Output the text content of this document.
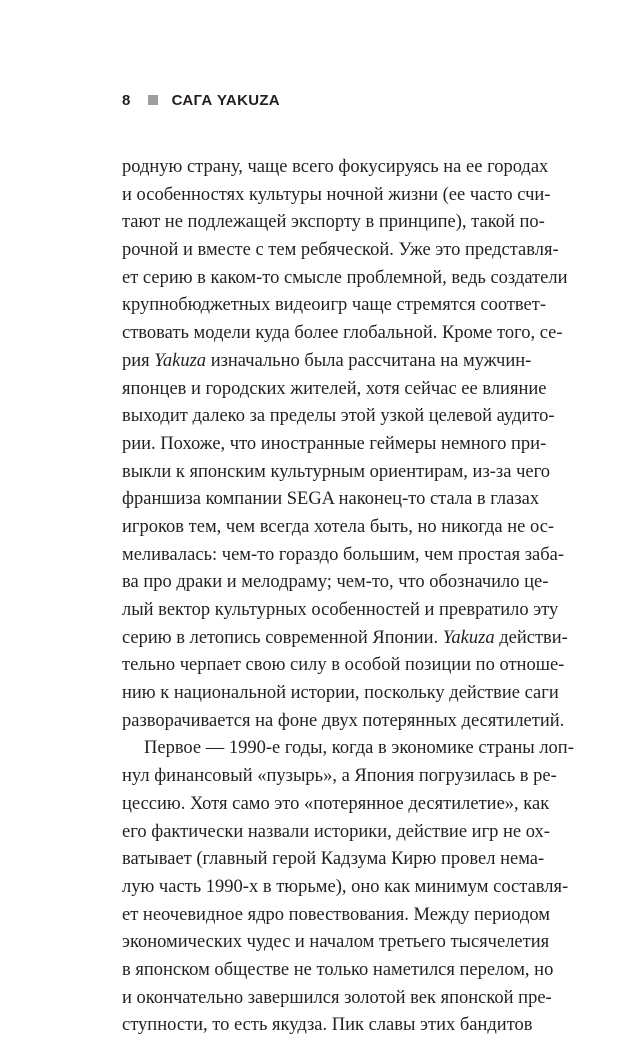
8	САГА YAKUZA
родную страну, чаще всего фокусируясь на ее городах
и особенностях культуры ночной жизни (ее часто счи-
тают не подлежащей экспорту в принципе), такой по-
рочной и вместе с тем ребяческой. Уже это представля-
ет серию в каком-то смысле проблемной, ведь создатели
крупнобюджетных видеоигр чаще стремятся соответ-
ствовать модели куда более глобальной. Кроме того, се-
рия Yakuza изначально была рассчитана на мужчин-
японцев и городских жителей, хотя сейчас ее влияние
выходит далеко за пределы этой узкой целевой аудито-
рии. Похоже, что иностранные геймеры немного при-
выкли к японским культурным ориентирам, из-за чего
франшиза компании SEGA наконец-то стала в глазах
игроков тем, чем всегда хотела быть, но никогда не ос-
меливалась: чем-то гораздо большим, чем простая заба-
ва про драки и мелодраму; чем-то, что обозначило це-
лый вектор культурных особенностей и превратило эту
серию в летопись современной Японии. Yakuza действи-
тельно черпает свою силу в особой позиции по отноше-
нию к национальной истории, поскольку действие саги
разворачивается на фоне двух потерянных десятилетий.
Первое — 1990-е годы, когда в экономике страны лоп-
нул финансовый «пузырь», а Япония погрузилась в ре-
цессию. Хотя само это «потерянное десятилетие», как
его фактически назвали историки, действие игр не ох-
ватывает (главный герой Кадзума Кирю провел нема-
лую часть 1990-х в тюрьме), оно как минимум составля-
ет неочевидное ядро повествования. Между периодом
экономических чудес и началом третьего тысячелетия
в японском обществе не только наметился перелом, но
и окончательно завершился золотой век японской пре-
ступности, то есть якудза. Пик славы этих бандитов
